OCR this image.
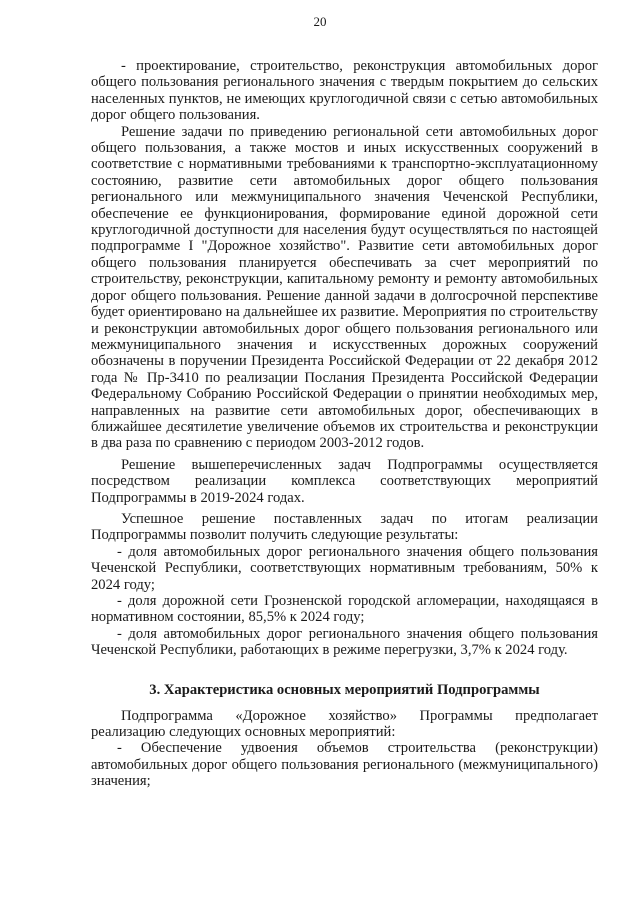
20

- проектирование, строительство, реконструкция автомобильных дорог общего пользования регионального значения с твердым покрытием до сельских населенных пунктов, не имеющих круглогодичной связи с сетью автомобильных дорог общего пользования.

Решение задачи по приведению региональной сети автомобильных дорог общего пользования, а также мостов и иных искусственных сооружений в соответствие с нормативными требованиями к транспортно-эксплуатационному состоянию, развитие сети автомобильных дорог общего пользования регионального или межмуниципального значения Чеченской Республики, обеспечение ее функционирования, формирование единой дорожной сети круглогодичной доступности для населения будут осуществляться по настоящей подпрограмме I "Дорожное хозяйство". Развитие сети автомобильных дорог общего пользования планируется обеспечивать за счет мероприятий по строительству, реконструкции, капитальному ремонту и ремонту автомобильных дорог общего пользования. Решение данной задачи в долгосрочной перспективе будет ориентировано на дальнейшее их развитие. Мероприятия по строительству и реконструкции автомобильных дорог общего пользования регионального или межмуниципального значения и искусственных дорожных сооружений обозначены в поручении Президента Российской Федерации от 22 декабря 2012 года № Пр-3410 по реализации Послания Президента Российской Федерации Федеральному Собранию Российской Федерации о принятии необходимых мер, направленных на развитие сети автомобильных дорог, обеспечивающих в ближайшее десятилетие увеличение объемов их строительства и реконструкции в два раза по сравнению с периодом 2003-2012 годов.

Решение вышеперечисленных задач Подпрограммы осуществляется посредством реализации комплекса соответствующих мероприятий Подпрограммы в 2019-2024 годах.

Успешное решение поставленных задач по итогам реализации Подпрограммы позволит получить следующие результаты:

- доля автомобильных дорог регионального значения общего пользования Чеченской Республики, соответствующих нормативным требованиям, 50% к 2024 году;

- доля дорожной сети Грозненской городской агломерации, находящаяся в нормативном состоянии, 85,5% к 2024 году;

- доля автомобильных дорог регионального значения общего пользования Чеченской Республики, работающих в режиме перегрузки, 3,7% к 2024 году.

3. Характеристика основных мероприятий Подпрограммы

Подпрограмма «Дорожное хозяйство» Программы предполагает реализацию следующих основных мероприятий:

- Обеспечение удвоения объемов строительства (реконструкции) автомобильных дорог общего пользования регионального (межмуниципального) значения;
